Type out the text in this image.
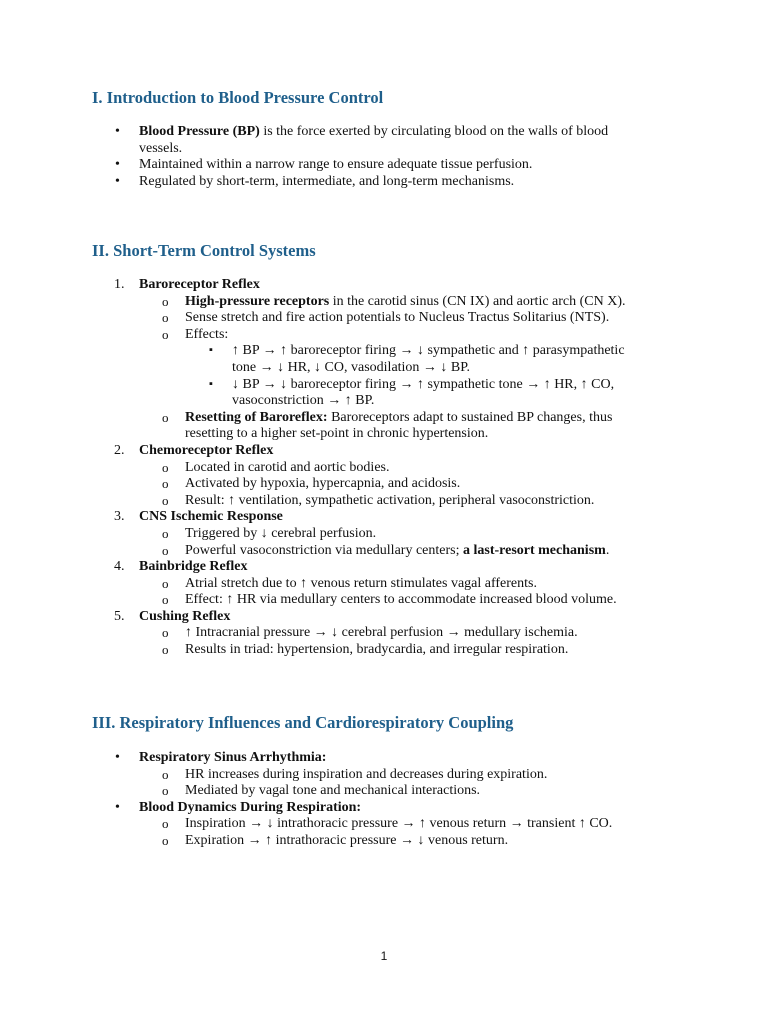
I. Introduction to Blood Pressure Control
• Blood Pressure (BP) is the force exerted by circulating blood on the walls of blood
vessels.
• Maintained within a narrow range to ensure adequate tissue perfusion.
• Regulated by short-term, intermediate, and long-term mechanisms.
II. Short-Term Control Systems
1. Baroreceptor Reflex
o High-pressure receptors in the carotid sinus (CN IX) and aortic arch (CN X).
o Sense stretch and fire action potentials to Nucleus Tractus Solitarius (NTS).
o Effects:
▪ ↑ BP → ↑ baroreceptor firing → ↓ sympathetic and ↑ parasympathetic
tone → ↓ HR, ↓ CO, vasodilation → ↓ BP.
▪ ↓ BP → ↓ baroreceptor firing → ↑ sympathetic tone → ↑ HR, ↑ CO,
vasoconstriction → ↑ BP.
o Resetting of Baroreflex: Baroreceptors adapt to sustained BP changes, thus
resetting to a higher set-point in chronic hypertension.
2. Chemoreceptor Reflex
o Located in carotid and aortic bodies.
o Activated by hypoxia, hypercapnia, and acidosis.
o Result: ↑ ventilation, sympathetic activation, peripheral vasoconstriction.
3. CNS Ischemic Response
o Triggered by ↓ cerebral perfusion.
o Powerful vasoconstriction via medullary centers; a last-resort mechanism.
4. Bainbridge Reflex
o Atrial stretch due to ↑ venous return stimulates vagal afferents.
o Effect: ↑ HR via medullary centers to accommodate increased blood volume.
5. Cushing Reflex
o ↑ Intracranial pressure → ↓ cerebral perfusion → medullary ischemia.
o Results in triad: hypertension, bradycardia, and irregular respiration.
III. Respiratory Influences and Cardiorespiratory Coupling
• Respiratory Sinus Arrhythmia:
o HR increases during inspiration and decreases during expiration.
o Mediated by vagal tone and mechanical interactions.
• Blood Dynamics During Respiration:
o Inspiration → ↓ intrathoracic pressure → ↑ venous return → transient ↑ CO.
o Expiration → ↑ intrathoracic pressure → ↓ venous return.
1
